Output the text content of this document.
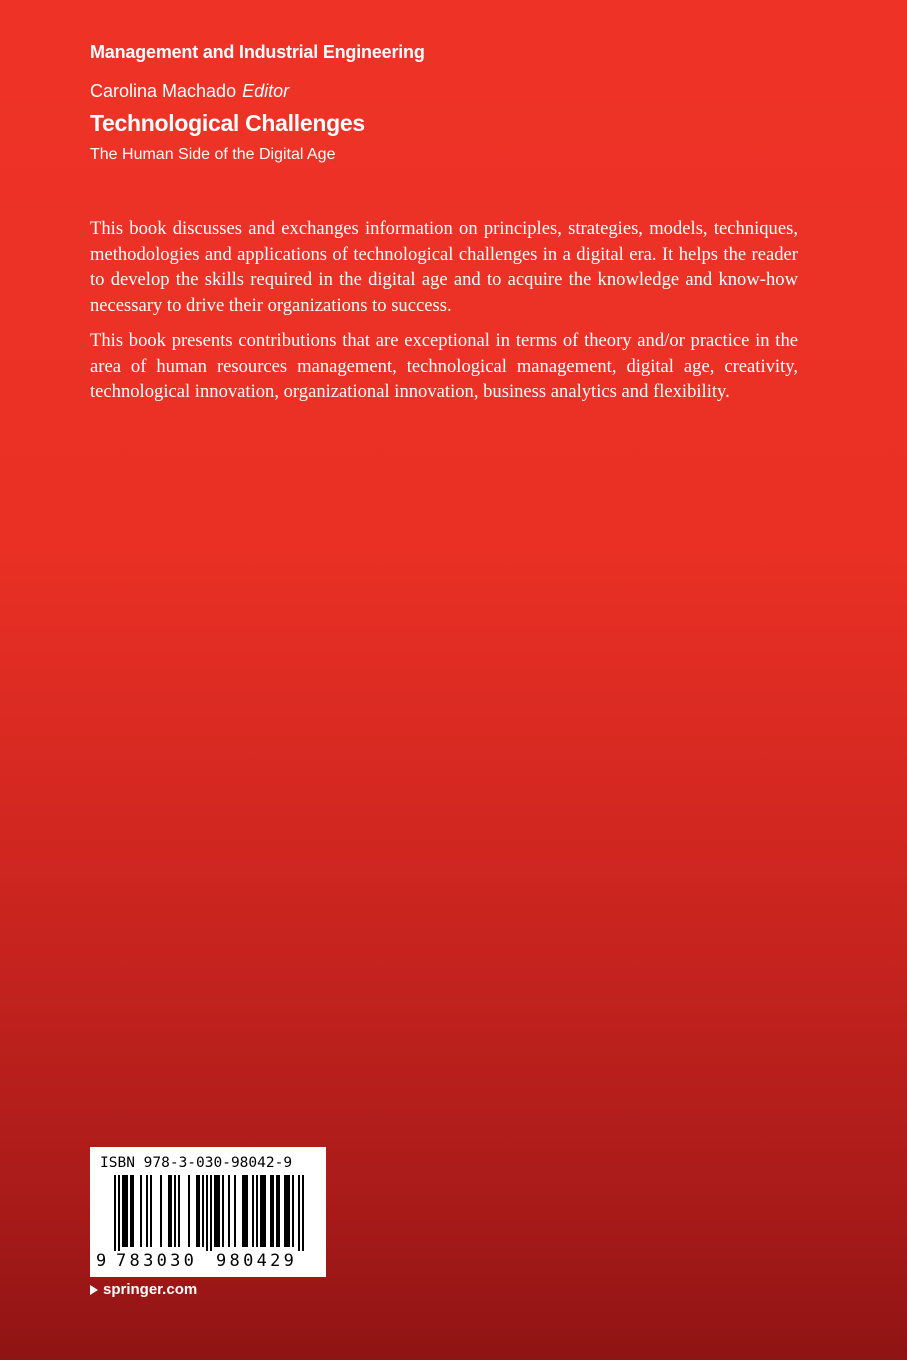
Management and Industrial Engineering
Carolina Machado Editor
Technological Challenges
The Human Side of the Digital Age

This book discusses and exchanges information on principles, strategies, models, techniques, methodologies and applications of technological challenges in a digital era. It helps the reader to develop the skills required in the digital age and to acquire the knowledge and know-how necessary to drive their organizations to success.

This book presents contributions that are exceptional in terms of theory and/or practice in the area of human resources management, technological management, digital age, creativity, technological innovation, organizational innovation, business analytics and flexibility.

ISBN 978-3-030-98042-9
9 783030 980429
springer.com
